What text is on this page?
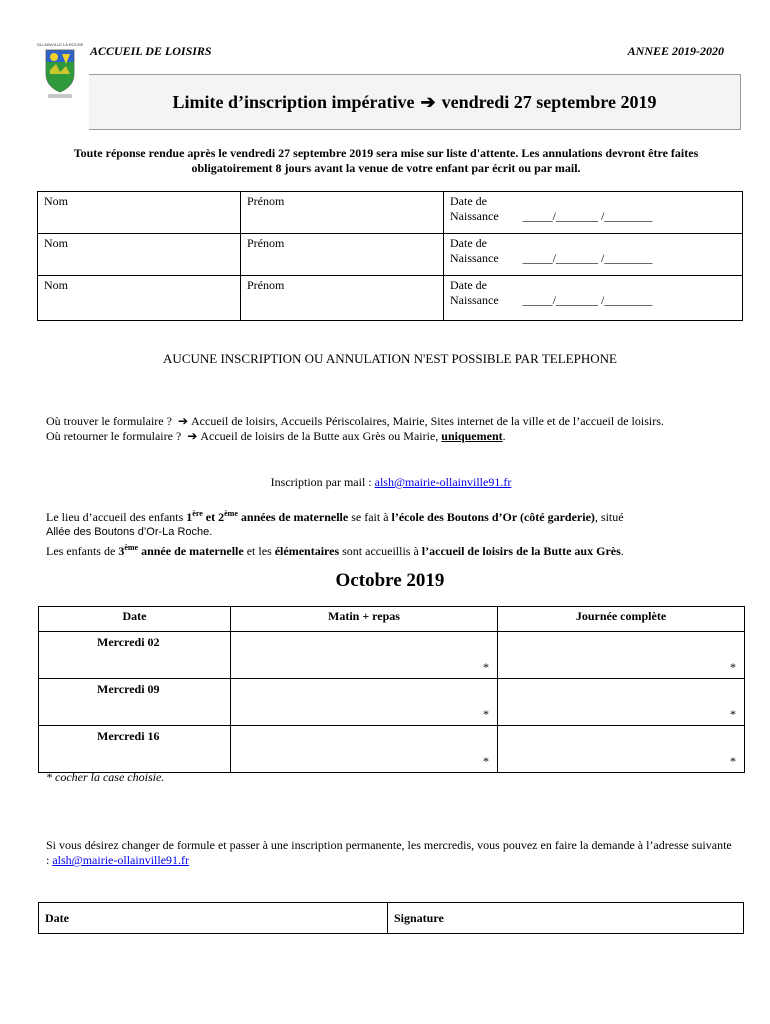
OLLAINVILLE LA ROCHE ACCUEIL DE LOISIRS	ANNEE 2019-2020
Limite d’inscription impérative ➔ vendredi 27 septembre 2019
Toute réponse rendue après le vendredi 27 septembre 2019 sera mise sur liste d'attente. Les annulations devront être faites obligatoirement 8 jours avant la venue de votre enfant par écrit ou par mail.
Nom	Prénom	Date de
Naissance _____/_______ /________

Nom	Prénom	Date de
Naissance _____/_______ /________

Nom	Prénom	Date de
Naissance _____/_______ /________
AUCUNE INSCRIPTION OU ANNULATION N'EST POSSIBLE PAR TELEPHONE
Où trouver le formulaire ?  ➔ Accueil de loisirs, Accueils Périscolaires, Mairie, Sites internet de la ville et de l’accueil de loisirs.
Où retourner le formulaire ?  ➔ Accueil de loisirs de la Butte aux Grès ou Mairie, uniquement.
Inscription par mail : alsh@mairie-ollainville91.fr
Le lieu d’accueil des enfants 1ère et 2ème années de maternelle se fait à l’école des Boutons d’Or (côté garderie), situé
Allée des Boutons d’Or-La Roche.
Les enfants de 3ème année de maternelle et les élémentaires sont accueillis à l’accueil de loisirs de la Butte aux Grès.
Octobre 2019
Date	Matin + repas	Journée complète
Mercredi 02	*	*

Mercredi 09	*	*

Mercredi 16	*	*
* cocher la case choisie.
Si vous désirez changer de formule et passer à une inscription permanente, les mercredis, vous pouvez en faire la demande à l’adresse suivante : alsh@mairie-ollainville91.fr
Date	Signature
